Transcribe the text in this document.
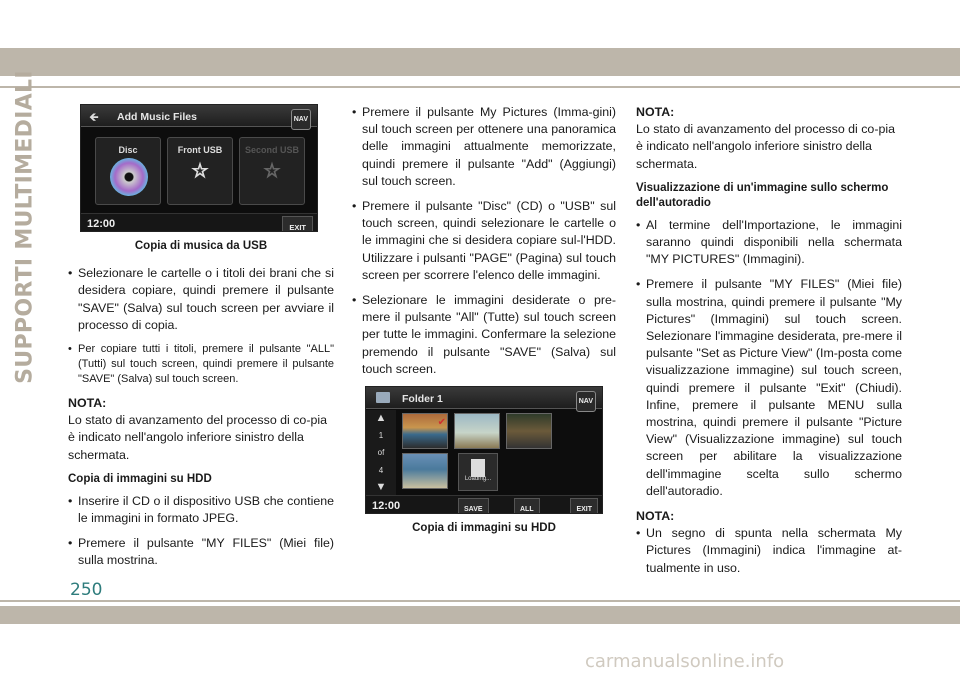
SUPPORTI MULTIMEDIALI	🡸 Add Music Files	NAV
Disc	Front USB
⭐︎
Second USB
⭐︎
12:00	EXIT
Copia di musica da USB
• Selezionare le cartelle o i titoli dei brani che si desidera copiare, quindi premere il pulsante "SAVE" (Salva) sul touch screen per avviare il processo di copia.
• Per copiare tutti i titoli, premere il pulsante "ALL" (Tutti) sul touch screen, quindi premere il pulsante "SAVE" (Salva) sul touch screen.
NOTA:
Lo stato di avanzamento del processo di co-pia è indicato nell'angolo inferiore sinistro della schermata.
Copia di immagini su HDD
• Inserire il CD o il dispositivo USB che contiene le immagini in formato JPEG.
• Premere il pulsante "MY FILES" (Miei file) sulla mostrina.
• Premere il pulsante My Pictures (Imma-gini) sul touch screen per ottenere una panoramica delle immagini attualmente memorizzate, quindi premere il pulsante "Add" (Aggiungi) sul touch screen.
• Premere il pulsante "Disc" (CD) o "USB" sul touch screen, quindi selezionare le cartelle o le immagini che si desidera copiare sul-l'HDD. Utilizzare i pulsanti "PAGE" (Pagina) sul touch screen per scorrere l'elenco delle immagini.
• Selezionare le immagini desiderate o pre-mere il pulsante "All" (Tutte) sul touch screen per tutte le immagini. Confermare la selezione premendo il pulsante "SAVE" (Salva) sul touch screen.
Folder 1	NAV
▲
1
of
4
▼
✔
Loading...
12:00	SAVE	ALL	EXIT
Copia di immagini su HDD
NOTA:
Lo stato di avanzamento del processo di co-pia è indicato nell'angolo inferiore sinistro della schermata.
Visualizzazione di un'immagine sullo schermo dell'autoradio
• Al termine dell'Importazione, le immagini saranno quindi disponibili nella schermata "MY PICTURES" (Immagini).
• Premere il pulsante "MY FILES" (Miei file) sulla mostrina, quindi premere il pulsante "My Pictures" (Immagini) sul touch screen. Selezionare l'immagine desiderata, pre-mere il pulsante "Set as Picture View" (Im-posta come visualizzazione immagine) sul touch screen, quindi premere il pulsante "Exit" (Chiudi). Infine, premere il pulsante MENU sulla mostrina, quindi premere il pulsante "Picture View" (Visualizzazione immagine) sul touch screen per abilitare la visualizzazione dell'immagine scelta sullo schermo dell'autoradio.
NOTA:
• Un segno di spunta nella schermata My Pictures (Immagini) indica l'immagine at-tualmente in uso.
250
carmanualsonline.info
